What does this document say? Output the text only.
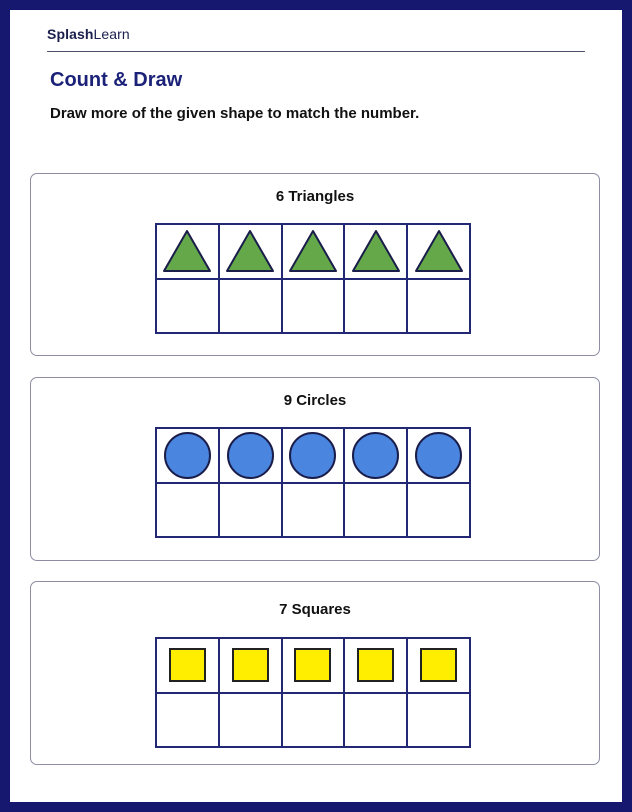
SplashLearn
Count & Draw

Draw more of the given shape to match the number.

6 Triangles
9 Circles
7 Squares
